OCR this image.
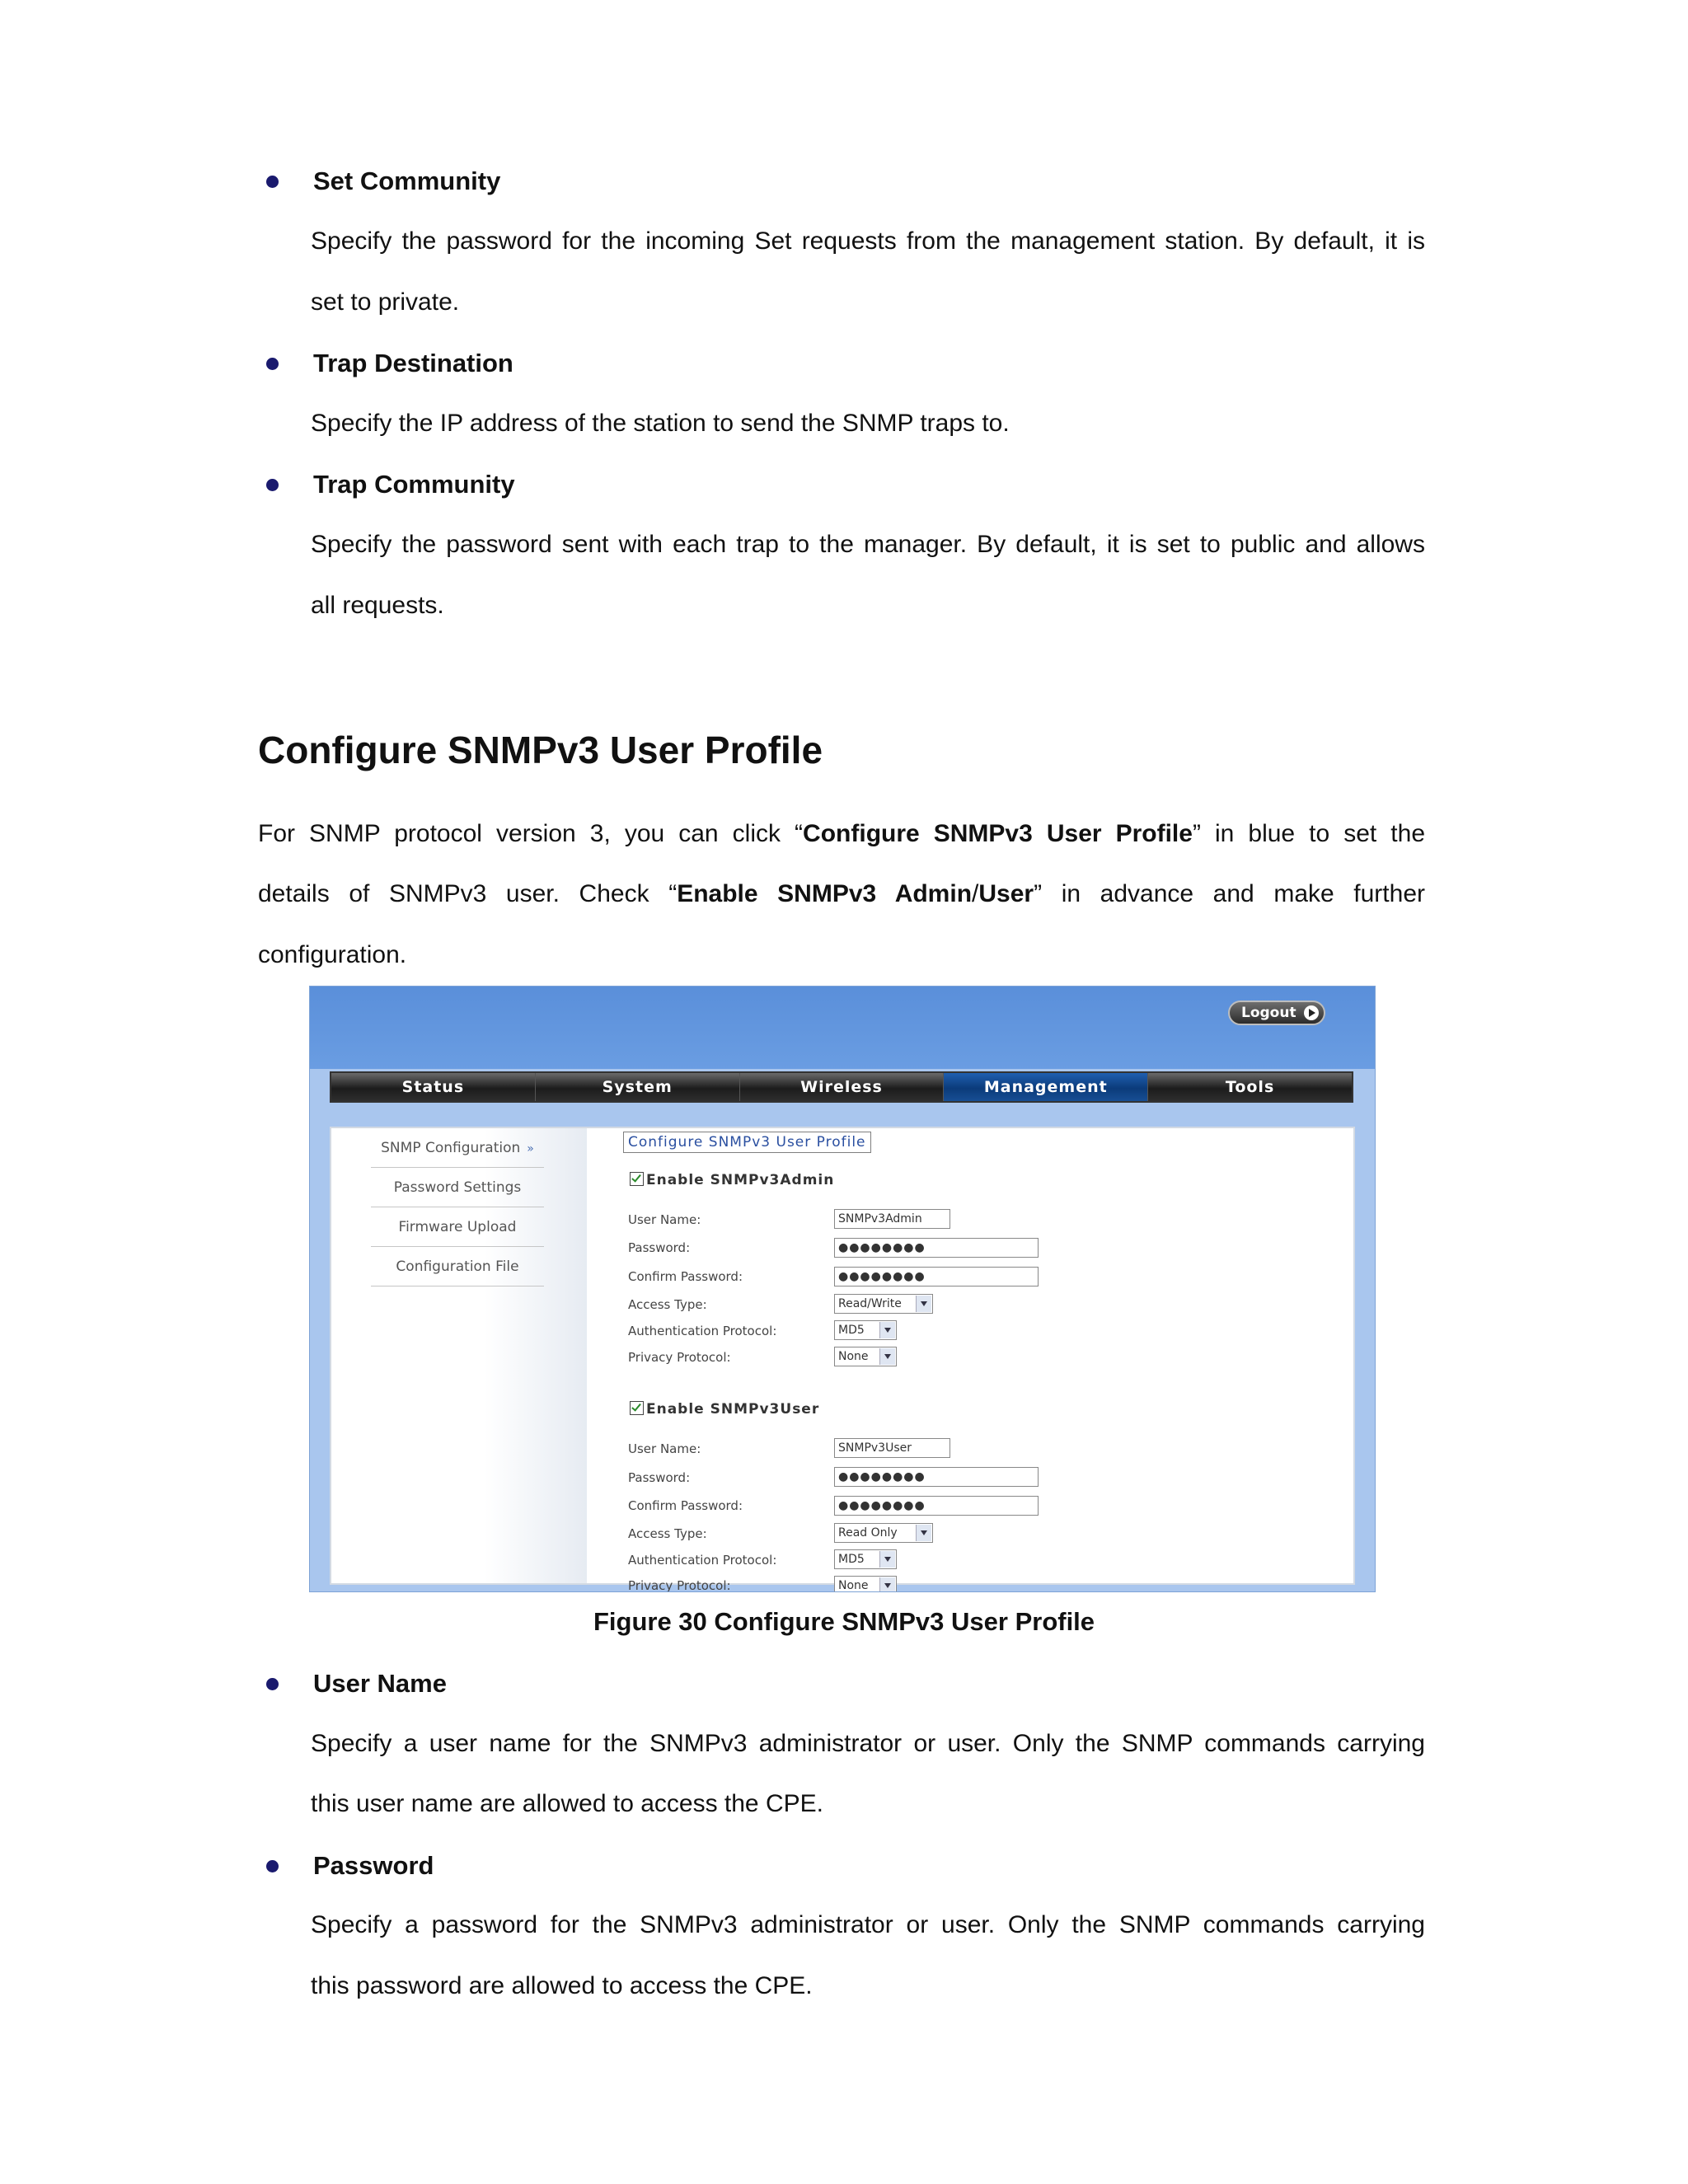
Set Community
Specify the password for the incoming Set requests from the management station. By default, it is
set to private.
Trap Destination
Specify the IP address of the station to send the SNMP traps to.
Trap Community
Specify the password sent with each trap to the manager. By default, it is set to public and allows
all requests.
Configure SNMPv3 User Profile
For SNMP protocol version 3, you can click “Configure SNMPv3 User Profile” in blue to set the
details of SNMPv3 user. Check “Enable SNMPv3 Admin/User” in advance and make further
configuration.
Logout
Status	System	Wireless	Management	Tools
SNMP Configuration »
Password Settings
Firmware Upload
Configuration File
Configure SNMPv3 User Profile
Enable SNMPv3Admin
User Name:	SNMPv3Admin
Password:	●●●●●●●●
Confirm Password:	●●●●●●●●
Access Type:	Read/Write
Authentication Protocol:	MD5
Privacy Protocol:	None
Enable SNMPv3User
User Name:	SNMPv3User
Password:	●●●●●●●●
Confirm Password:	●●●●●●●●
Access Type:	Read Only
Authentication Protocol:	MD5
Privacy Protocol:	None
Figure 30 Configure SNMPv3 User Profile
User Name
Specify a user name for the SNMPv3 administrator or user. Only the SNMP commands carrying
this user name are allowed to access the CPE.
Password
Specify a password for the SNMPv3 administrator or user. Only the SNMP commands carrying
this password are allowed to access the CPE.
